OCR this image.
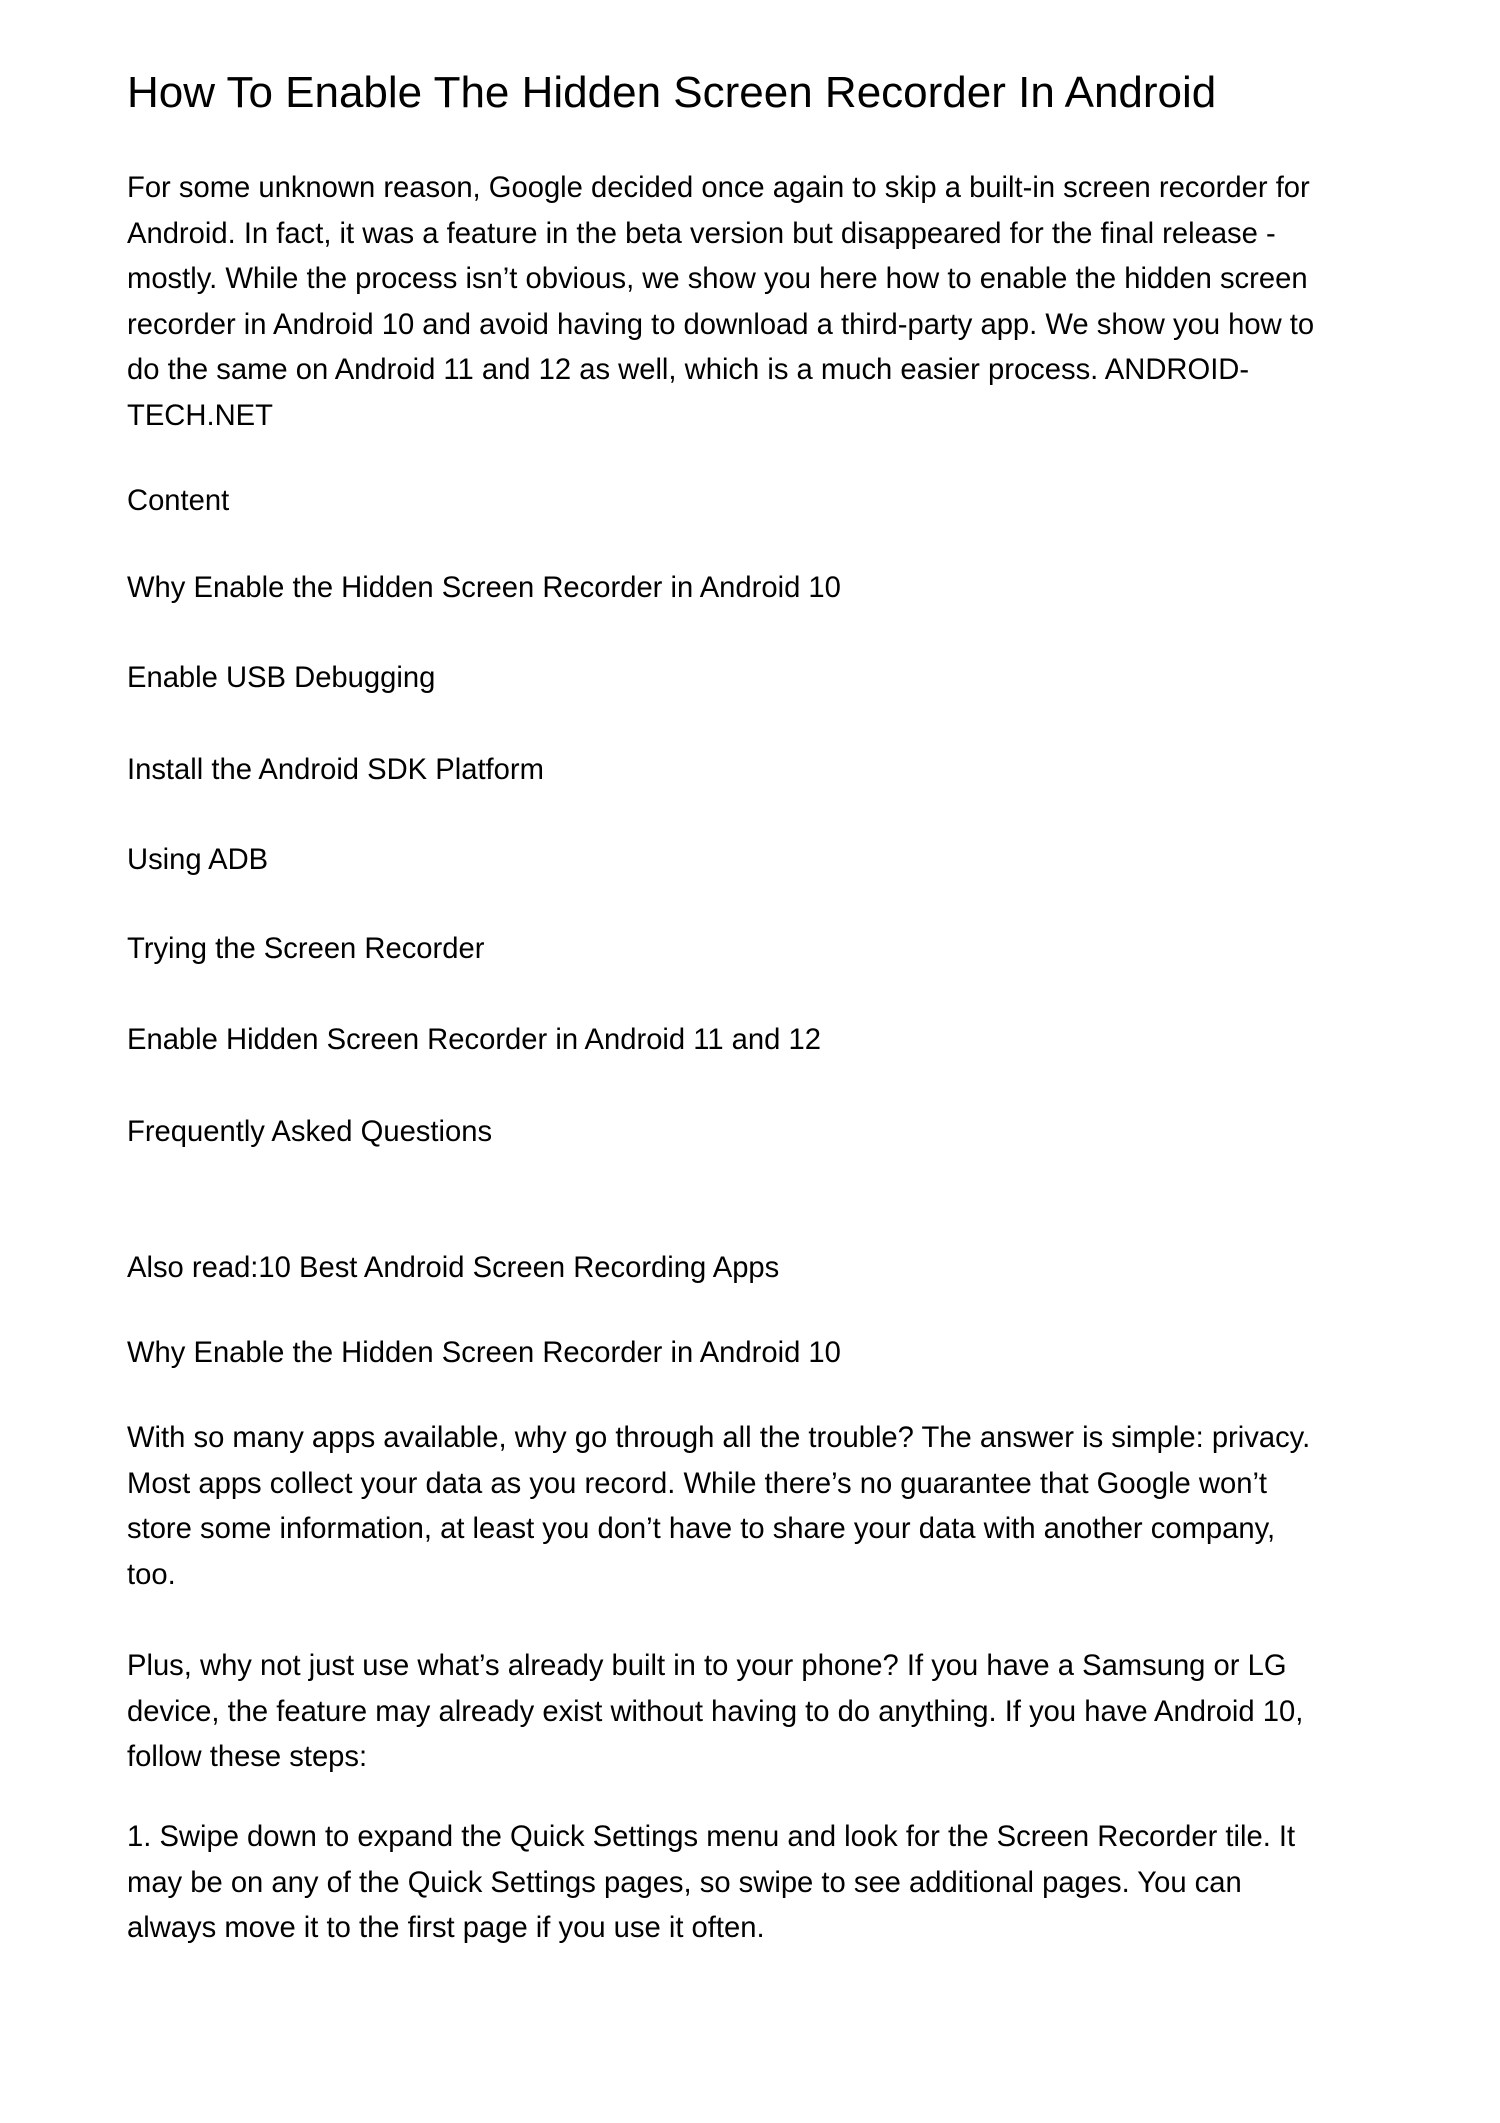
How To Enable The Hidden Screen Recorder In Android

For some unknown reason, Google decided once again to skip a built-in screen recorder for
Android. In fact, it was a feature in the beta version but disappeared for the final release -
mostly. While the process isn’t obvious, we show you here how to enable the hidden screen
recorder in Android 10 and avoid having to download a third-party app. We show you how to
do the same on Android 11 and 12 as well, which is a much easier process. ANDROID-
TECH.NET

Content

Why Enable the Hidden Screen Recorder in Android 10

Enable USB Debugging

Install the Android SDK Platform

Using ADB

Trying the Screen Recorder

Enable Hidden Screen Recorder in Android 11 and 12

Frequently Asked Questions

Also read:10 Best Android Screen Recording Apps

Why Enable the Hidden Screen Recorder in Android 10

With so many apps available, why go through all the trouble? The answer is simple: privacy.
Most apps collect your data as you record. While there’s no guarantee that Google won’t
store some information, at least you don’t have to share your data with another company,
too.

Plus, why not just use what’s already built in to your phone? If you have a Samsung or LG
device, the feature may already exist without having to do anything. If you have Android 10,
follow these steps:

1. Swipe down to expand the Quick Settings menu and look for the Screen Recorder tile. It
may be on any of the Quick Settings pages, so swipe to see additional pages. You can
always move it to the first page if you use it often.
